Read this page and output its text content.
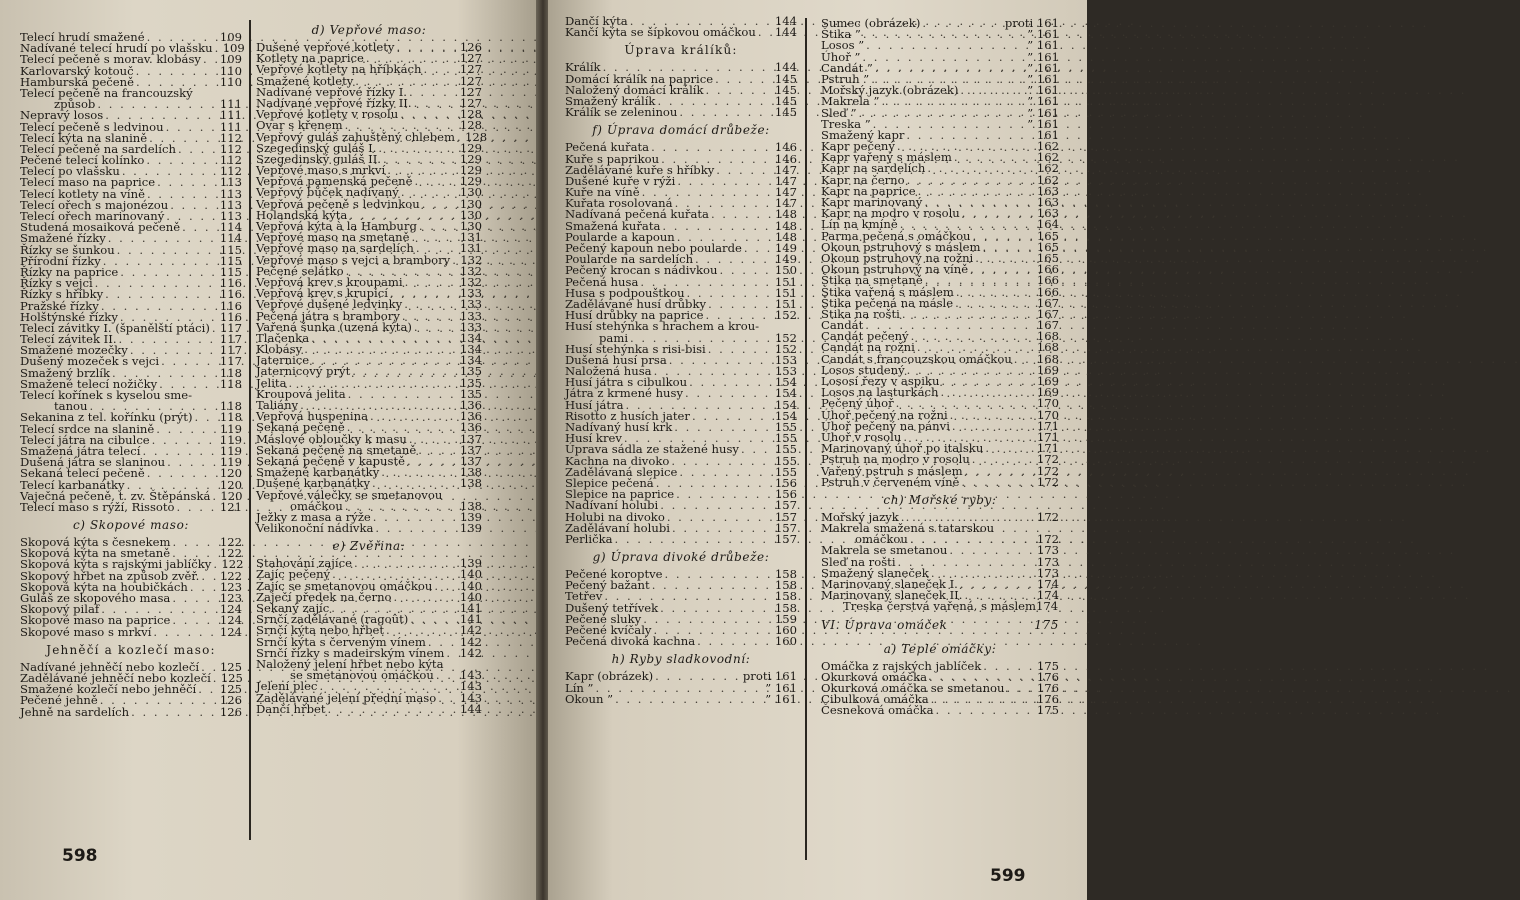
Telecí hrudí smažené . . .	109
Nadívané telecí hrudí po vlašsku . . . 109
Telecí pečeně s morav. klobásy . . . 109
Karlovarský kotouč . . .	110
Hamburská pečeně . . .	110
Telecí pečeně na francouzský
způsob . . .	111
Nepravý losos . . .	111
Telecí pečeně s ledvinou . . .	111
Telecí kýta na slanině . . .	112
Telecí pečeně na sardelích . . .	112
Pečené telecí kolínko . . .	112
Telecí po vlašsku . . .	112
Telecí maso na paprice . . .	113
Telecí kotlety na víně . . .	113
Telecí ořech s majonézou . . .	113
Telecí ořech marinovaný . . .	113
Studená mosaiková pečeně . . .	114
Smažené řízky . . .	114
Řízky se šunkou . . .	115
Přírodní řízky . . .	115
Řízky na paprice . . .	115
Řízky s vejci . . .	116
Řízky s hříbky . . .	116
Pražské řízky . . .	116
Holštýnské řízky . . .	116
Telecí závitky I. (španělští ptáci) . . . 117
Telecí závitek II. . . .	117
Smažené mozečky . . .	117
Dušený mozeček s vejci . . .	117
Smažený brzlík . . .	118
Smažené telecí nožičky . . .	118
Telecí kořínek s kyselou sme-
tanou . . .	118
Sekanina z tel. kořínku (prýt) . . . 118
Telecí srdce na slanině . . .	119
Telecí játra na cibulce . . .	119
Smažená játra telecí . . .	119
Dušená játra se slaninou . . .	119
Sekaná telecí pečeně . . .	120
Telecí karbanátky . . .	120
Vaječná pečeně, t. zv. Štěpánská . . . 120
Telecí maso s rýží, Rissoto . . .	121
c) Skopové maso:
Skopová kýta s česnekem . . .	122
Skopová kýta na smetaně . . .	122
Skopová kýta s rajskými jablíčky . . . 122
Skopový hřbet na způsob zvěř. . . . 122
Skopová kýta na houbičkách . . .	123
Guláš ze skopového masa . . .	123
Skopový pilaf . . .	124
Skopové maso na paprice . . .	124
Skopové maso s mrkví . . .	124
Jehněčí a kozlečí maso:
Nadívané jehněčí nebo kozlečí . . . 125
Zadělávané jehněčí nebo kozlečí . . . 125
Smažené kozlečí nebo jehněčí . . . 125
Pečené jehně . . .	126
Jehně na sardelích . . .	126
d) Vepřové maso:
Dušené vepřové kotlety . . .	126
Kotlety na paprice . . .	127
Vepřové kotlety na hříbkách . . .	127
Smažené kotlety . . .	127
Nadívané vepřové řízky I. . . .	127
Nadívané vepřové řízky II. . . .	127
Vepřové kotlety v rosolu . . .	128
Ovar s křenem . . .	128
Vepřový guláš zahuštěný chlebem . . . 128
Szegedinský guláš I. . . .	129
Szegedinský guláš II. . . .	129
Vepřové maso s mrkví . . .	129
Vepřová pamenská pečeně . . .	129
Vepřový bůček nadívaný . . .	130
Vepřová pečeně s ledvinkou . . .	130
Holandská kýta . . .	130
Vepřová kýta à la Hamburg . . .	130
Vepřové maso na smetaně . . .	131
Vepřové maso na sardelích . . .	131
Vepřové maso s vejci a brambory . . . 132
Pečené selátko . . .	132
Vepřová krev s kroupami . . .	132
Vepřová krev s krupicí . . .	133
Vepřové dušené ledvinky . . .	133
Pečená játra s brambory . . .	133
Vařená šunka (uzená kýta) . . .	133
Tlačenka . . .	134
Klobásy . . .	134
Jaternice . . .	134
Jaternicový prýt . . .	135
Jelita . . .	135
Kroupová jelita . . .	135
Taliány . . .	136
Vepřová huspenina . . .	136
Sekaná pečeně . . .	136
Máslové obloučky k masu . . .	137
Sekaná pečeně na smetaně . . .	137
Sekaná pečeně v kapustě . . .	137
Smažené karbanátky . . .	138
Dušené karbanátky . . .	138
Vepřové válečky se smetanovou
omáčkou . . .	138
Ježky z masa a rýže . . .	139
Velikonoční nádivka . . .	139
e) Zvěřina:
Stahování zajíce . . .	139
Zajíc pečený . . .	140
Zajíc se smetanovou omáčkou . . . 140
Zaječí předek na černo . . .	140
Sekaný zajíc . . .	141
Srnčí zadělávané (ragoût) . . .	141
Srnčí kýta nebo hřbet . . .	142
Srnčí kýta s červeným vínem . . .	142
Srnčí řízky s madeirským vínem . . . 142
Naložený jelení hřbet nebo kýta
se smetanovou omáčkou . . . 143
Jelení plec . . .	143
Zadělávané jelení přední maso . . . 143
Dančí hřbet . . .	144
598
Dančí kýta . . .	144
Kančí kýta se šípkovou omáčkou . . . 144
Úprava králíků:
Králík . . .	144
Domácí králík na paprice . . .	145
Naložený domácí králík . . .	145
Smažený králík . . .	145
Králík se zeleninou . . .	145
f) Úprava domácí drůbeže:
Pečená kuřata . . .	146
Kuře s paprikou . . .	146
Zadělávané kuře s hříbky . . .	147
Dušené kuře v rýži . . .	147
Kuře na víně . . .	147
Kuřata rosolovaná . . .	147
Nadívaná pečená kuřata . . .	148
Smažená kuřata . . .	148
Poularde a kapoun . . .	148
Pečený kapoun nebo poularde . . .	149
Poularde na sardelích . . .	149
Pečený krocan s nádivkou . . .	150
Pečená husa . . .	151
Husa s podpouštkou . . .	151
Zadělávané husí drůbky . . .	151
Husí drůbky na paprice . . .	152
Husí stehýnka s hrachem a krou-
pami . . .	152
Husí stehýnka s risi-bisi . . .	152
Dušená husí prsa . . .	153
Naložená husa . . .	153
Husí játra s cibulkou . . .	154
Játra z krmené husy . . .	154
Husí játra . . .	154
Risotto z husích jater . . .	154
Nadívaný husí krk . . .	155
Husí krev . . .	155
Úprava sádla ze stažené husy . . .	155
Kachna na divoko . . .	155
Zadělávaná slepice . . .	155
Slepice pečená . . .	156
Slepice na paprice . . .	156
Nadívaní holubi . . .	157
Holubi na divoko . . .	157
Zadělávaní holubi . . .	157
Perlička . . .	157
g) Úprava divoké drůbeže:
Pečené koroptve . . .	158
Pečený bažant . . .	158
Tetřev . . .	158
Dušený tetřívek . . .	158
Pečené sluky . . .	159
Pečené kvíčaly . . .	160
Pečená divoká kachna . . .	160
h) Ryby sladkovodní:
Kapr (obrázek) . . .	proti 161
Lín ” . . .	” 161
Okoun ” . . .	” 161
Sumec (obrázek) . . .	proti 161
Štika ” . . .	” 161
Losos ” . . .	” 161
Úhoř ” . . .	” 161
Candát ” . . .	” 161
Pstruh ” . . .	” 161
Mořský jazyk (obrázek) . . .	” 161
Makrela ” . . .	” 161
Sleď ” . . .	” 161
Treska ” . . .	” 161
Smažený kapr . . .	161
Kapr pečený . . .	162
Kapr vařený s máslem . . .	162
Kapr na sardelích . . .	162
Kapr na černo . . .	162
Kapr na paprice . . .	163
Kapr marinovaný . . .	163
Kapr na modro v rosolu . . .	163
Lín na kmíně . . .	164
Parma pečená s omáčkou . . .	165
Okoun pstruhový s máslem . . .	165
Okoun pstruhový na rožni . . .	165
Okoun pstruhový na víně . . .	166
Štika na smetaně . . .	166
Štika vařená s máslem . . .	166
Štika pečená na másle . . .	167
Štika na rošti . . .	167
Candát . . .	167
Candát pečený . . .	168
Candát na rožni . . .	168
Candát s francouzskou omáčkou . . . 168
Losos studený . . .	169
Lososí řezy v aspiku . . .	169
Losos na lasturkách . . .	169
Pečený úhoř . . .	170
Úhoř pečený na rožni . . .	170
Úhoř pečený na pánvi . . .	171
Úhoř v rosolu . . .	171
Marinovaný úhoř po italsku . . .	171
Pstruh na modro v rosolu . . .	172
Vařený pstruh s máslem . . .	172
Pstruh v červeném víně . . .	172
ch) Mořské ryby:
Mořský jazyk . . .	172
Makrela smažená s tatarskou
omáčkou . . .	172
Makrela se smetanou . . .	173
Sleď na rošti . . .	173
Smažený slaneček . . .	173
Marinovaný slaneček I. . . .	174
Marinovaný slaneček II. . . .	174
Treska čerstvá vařená, s máslem 174
VI. Úprava omáček	175
a) Teplé omáčky:
Omáčka z rajských jablíček . . .	175
Okurková omáčka . . .	176
Okurková omáčka se smetanou . . .	176
Cibulková omáčka . . .	176
Česneková omáčka . . .	175
599
